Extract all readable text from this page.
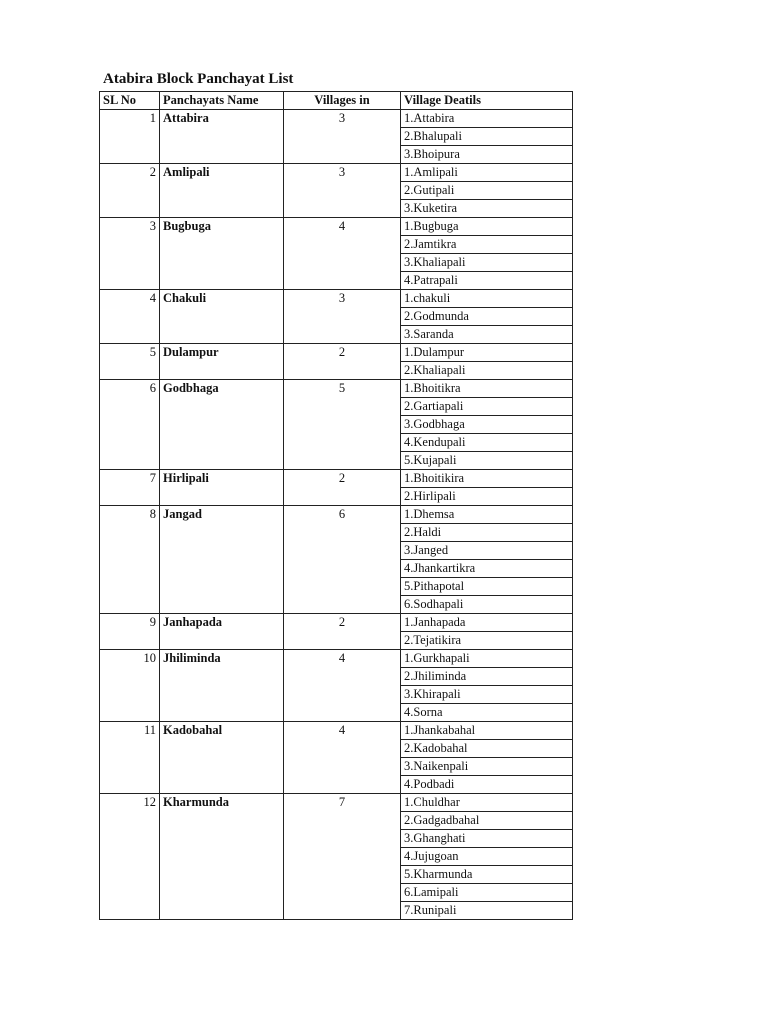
Atabira Block Panchayat List
SL No	Panchayats Name	Villages in	Village Deatils
1	Attabira	3	1.Attabira
			2.Bhalupali
			3.Bhoipura
2	Amlipali	3	1.Amlipali
			2.Gutipali
			3.Kuketira
3	Bugbuga	4	1.Bugbuga
			2.Jamtikra
			3.Khaliapali
			4.Patrapali
4	Chakuli	3	1.chakuli
			2.Godmunda
			3.Saranda
5	Dulampur	2	1.Dulampur
			2.Khaliapali
6	Godbhaga	5	1.Bhoitikra
			2.Gartiapali
			3.Godbhaga
			4.Kendupali
			5.Kujapali
7	Hirlipali	2	1.Bhoitikira
			2.Hirlipali
8	Jangad	6	1.Dhemsa
			2.Haldi
			3.Janged
			4.Jhankartikra
			5.Pithapotal
			6.Sodhapali
9	Janhapada	2	1.Janhapada
			2.Tejatikira
10	Jhiliminda	4	1.Gurkhapali
			2.Jhiliminda
			3.Khirapali
			4.Sorna
11	Kadobahal	4	1.Jhankabahal
			2.Kadobahal
			3.Naikenpali
			4.Podbadi
12	Kharmunda	7	1.Chuldhar
			2.Gadgadbahal
			3.Ghanghati
			4.Jujugoan
			5.Kharmunda
			6.Lamipali
			7.Runipali
